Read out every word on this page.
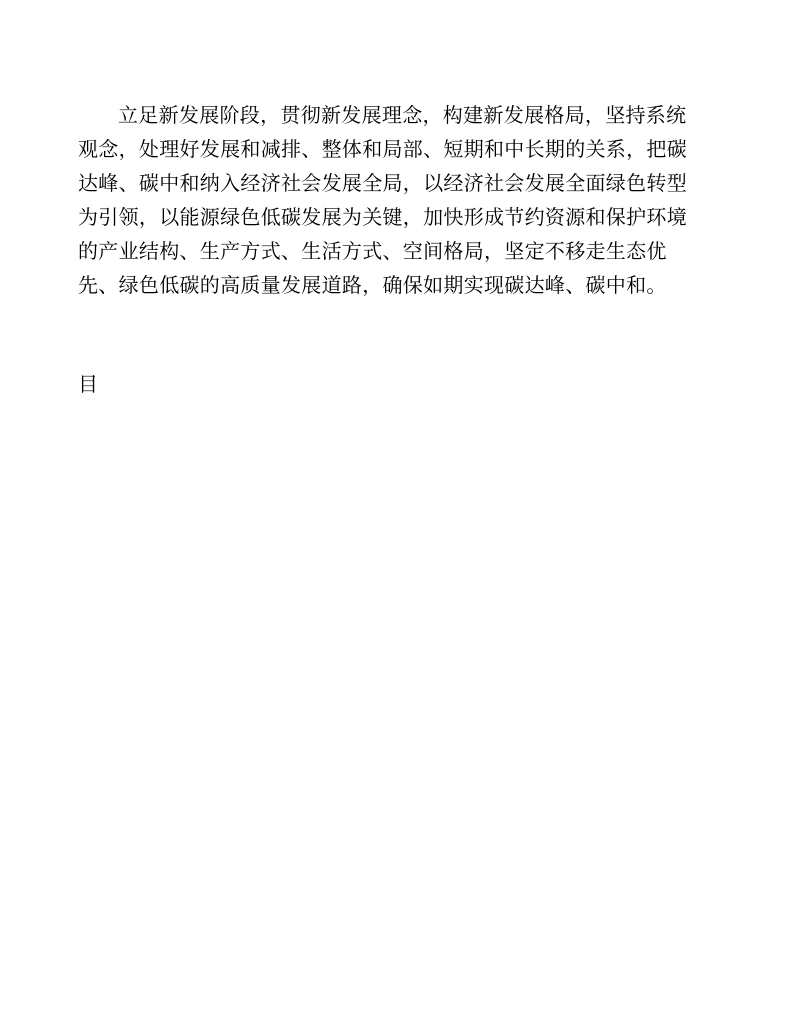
立足新发展阶段，贯彻新发展理念，构建新发展格局，坚持系统
观念，处理好发展和减排、整体和局部、短期和中长期的关系，把碳
达峰、碳中和纳入经济社会发展全局，以经济社会发展全面绿色转型
为引领，以能源绿色低碳发展为关键，加快形成节约资源和保护环境
的产业结构、生产方式、生活方式、空间格局，坚定不移走生态优
先、绿色低碳的高质量发展道路，确保如期实现碳达峰、碳中和。

目
